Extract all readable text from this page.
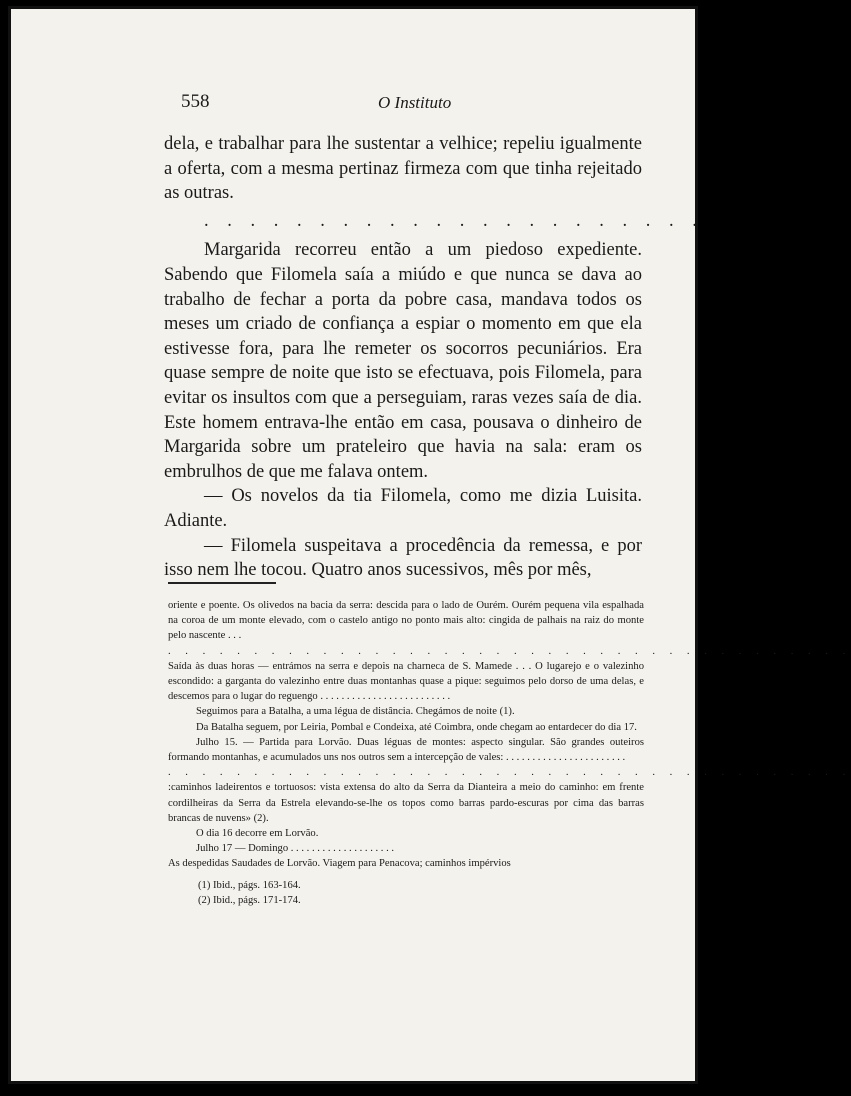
558	O Instituto

dela, e trabalhar para lhe sustentar a velhice; repeliu igualmente a oferta, com a mesma pertinaz firmeza com que tinha rejeitado as outras.

. . . . . . . . . . . . . . . . . . . . . .

Margarida recorreu então a um piedoso expediente. Sabendo que Filomela saía a miúdo e que nunca se dava ao trabalho de fechar a porta da pobre casa, mandava todos os meses um criado de confiança a espiar o momento em que ela estivesse fora, para lhe remeter os socorros pecuniários. Era quase sempre de noite que isto se efectuava, pois Filomela, para evitar os insultos com que a perseguiam, raras vezes saía de dia. Este homem entrava-lhe então em casa, pousava o dinheiro de Margarida sobre um prateleiro que havia na sala: eram os embrulhos de que me falava ontem.

— Os novelos da tia Filomela, como me dizia Luisita. Adiante.

— Filomela suspeitava a procedência da remessa, e por isso nem lhe tocou. Quatro anos sucessivos, mês por mês,

oriente e poente. Os olivedos na bacia da serra: descida para o lado de Ourém. Ourém pequena vila espalhada na coroa de um monte elevado, com o castelo antigo no ponto mais alto: cingida de palhais na raiz do monte pelo nascente . . .

. . . . . . . . . . . . . . . . . . . . . . . . . . . . . . . . . . . . . . . .

Saída às duas horas — entrámos na serra e depois na charneca de S. Mamede . . . O lugarejo e o valezinho escondido: a garganta do valezinho entre duas montanhas quase a pique: seguimos pelo dorso de uma delas, e descemos para o lugar do reguengo . . . . . . . . . . . . . . . . . . . . . . . . .

Seguimos para a Batalha, a uma légua de distância. Chegámos de noite (1).

Da Batalha seguem, por Leiria, Pombal e Condeixa, até Coimbra, onde chegam ao entardecer do dia 17.

Julho 15. — Partida para Lorvão. Duas léguas de montes: aspecto singular. São grandes outeiros formando montanhas, e acumulados uns nos outros sem a intercepção de vales: . . . . . . . . . . . . . . . . . . . . . . .

. . . . . . . . . . . . . . . . . . . . . . . . . . . . . . . . . . . . . . . .

:caminhos ladeirentos e tortuosos: vista extensa do alto da Serra da Dianteira a meio do caminho: em frente cordilheiras da Serra da Estrela elevando-se-lhe os topos como barras pardo-escuras por cima das barras brancas de nuvens» (2).

O dia 16 decorre em Lorvão.

Julho 17 — Domingo . . . . . . . . . . . . . . . . . . . .

As despedidas Saudades de Lorvão. Viagem para Penacova; caminhos impérvios

(1) Ibid., págs. 163-164.

(2) Ibid., págs. 171-174.
